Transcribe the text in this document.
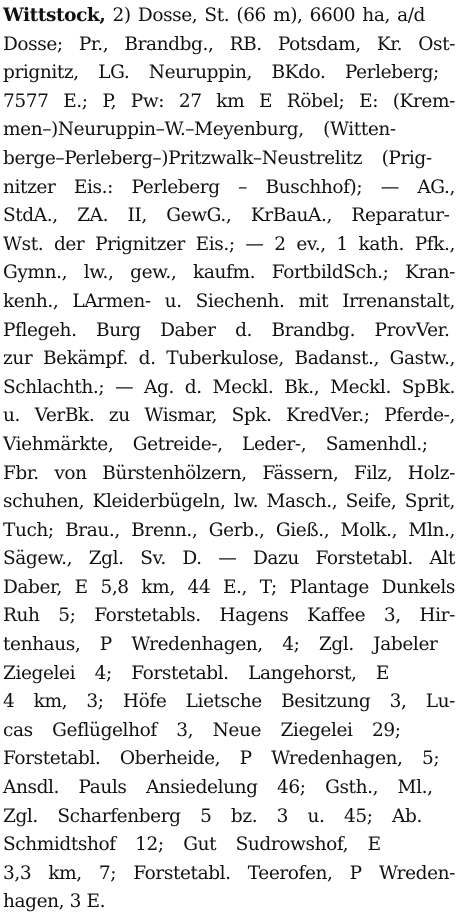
Wittstock, 2) Dosse, St. (66 m), 6600 ha, a/d
Dosse; Pr., Brandbg., RB. Potsdam, Kr. Ost-
prignitz, LG. Neuruppin, BKdo. Perleberg;
7577 E.; P, Pw: 27 km E Röbel; E: (Krem-
men–)Neuruppin–W.–Meyenburg, (Witten-
berge–Perleberg–)Pritzwalk–Neustrelitz (Prig-
nitzer Eis.: Perleberg – Buschhof); — AG.,
StdA., ZA. II, GewG., KrBauA., Reparatur-
Wst. der Prignitzer Eis.; — 2 ev., 1 kath. Pfk.,
Gymn., lw., gew., kaufm. FortbildSch.; Kran-
kenh., LArmen- u. Siechenh. mit Irrenanstalt,
Pflegeh. Burg Daber d. Brandbg. ProvVer.
zur Bekämpf. d. Tuberkulose, Badanst., Gastw.,
Schlachth.; — Ag. d. Meckl. Bk., Meckl. SpBk.
u. VerBk. zu Wismar, Spk. KredVer.; Pferde-,
Viehmärkte, Getreide-, Leder-, Samenhdl.;
Fbr. von Bürstenhölzern, Fässern, Filz, Holz-
schuhen, Kleiderbügeln, lw. Masch., Seife, Sprit,
Tuch; Brau., Brenn., Gerb., Gieß., Molk., Mln.,
Sägew., Zgl. Sv. D. — Dazu Forstetabl. Alt
Daber, E 5,8 km, 44 E., T; Plantage Dunkels
Ruh 5; Forstetabls. Hagens Kaffee 3, Hir-
tenhaus, P Wredenhagen, 4; Zgl. Jabeler
Ziegelei 4; Forstetabl. Langehorst, E
4 km, 3; Höfe Lietsche Besitzung 3, Lu-
cas Geflügelhof 3, Neue Ziegelei 29;
Forstetabl. Oberheide, P Wredenhagen, 5;
Ansdl. Pauls Ansiedelung 46; Gsth., Ml.,
Zgl. Scharfenberg 5 bz. 3 u. 45; Ab.
Schmidtshof 12; Gut Sudrowshof, E
3,3 km, 7; Forstetabl. Teerofen, P Wreden-
hagen, 3 E.
